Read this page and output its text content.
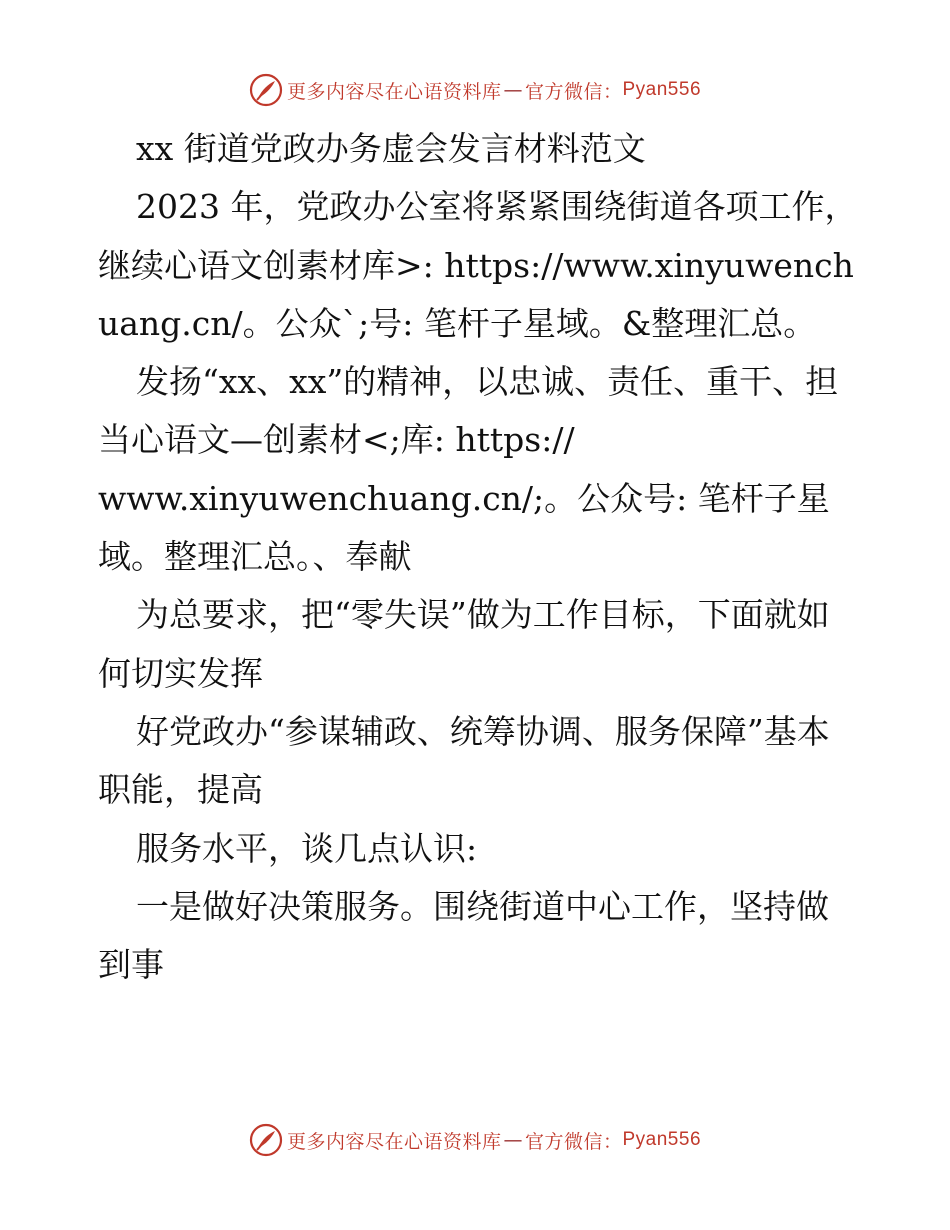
更多内容尽在心语资料库 — 官方微信： Pyan556

xx 街道党政办务虚会发言材料范文

2023 年，党政办公室将紧紧围绕街道各项工作，继续心语文创素材库>: https://www.xinyuwenchuang.cn/。公众`;号: 笔杆子星域。&整理汇总。

发扬“xx、xx”的精神，以忠诚、责任、重干、担当心语文—创素材<;库: https://

www.xinyuwenchuang.cn/;。公众号: 笔杆子星

域。整理汇总。、奉献

为总要求，把“零失误”做为工作目标，下面就如何切实发挥

好党政办“参谋辅政、统筹协调、服务保障”基本职能，提高

服务水平，谈几点认识:

一是做好决策服务。围绕街道中心工作，坚持做到事

更多内容尽在心语资料库 — 官方微信： Pyan556
